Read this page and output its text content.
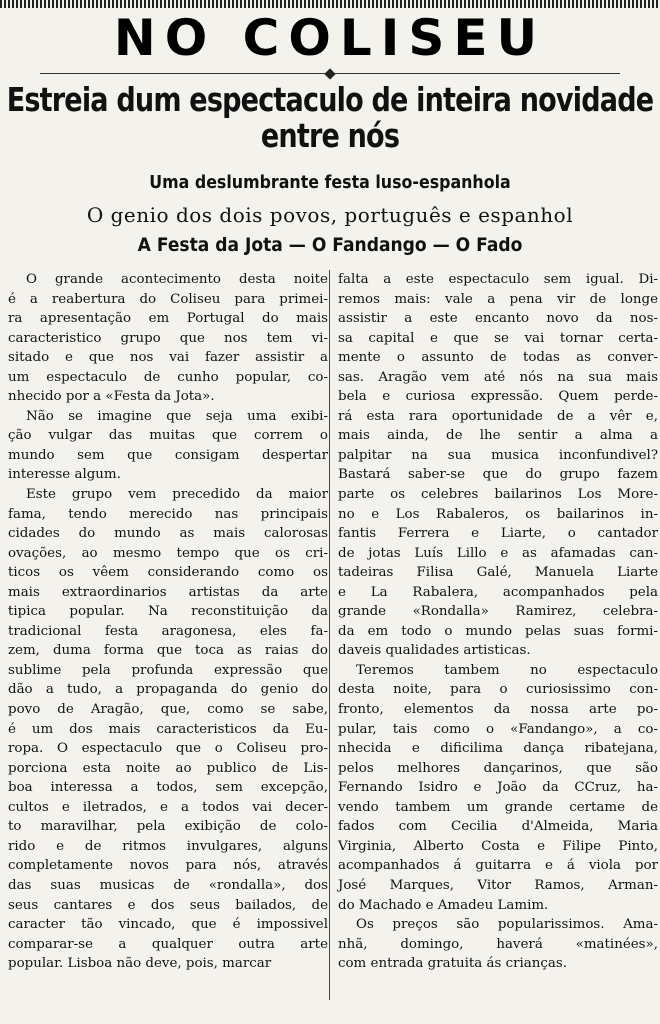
NO COLISEU
Estreia dum espectaculo de inteira novidade
entre nós
Uma deslumbrante festa luso-espanhola
O genio dos dois povos, português e espanhol
A Festa da Jota — O Fandango — O Fado
O grande acontecimento desta noite
é a reabertura do Coliseu para primei-
ra apresentação em Portugal do mais
caracteristico grupo que nos tem vi-
sitado e que nos vai fazer assistir a
um espectaculo de cunho popular, co-
nhecido por a «Festa da Jota».
Não se imagine que seja uma exibi-
ção vulgar das muitas que correm o
mundo sem que consigam despertar
interesse algum.
Este grupo vem precedido da maior
fama, tendo merecido nas principais
cidades do mundo as mais calorosas
ovações, ao mesmo tempo que os cri-
ticos os vêem considerando como os
mais extraordinarios artistas da arte
tipica popular. Na reconstituição da
tradicional festa aragonesa, eles fa-
zem, duma forma que toca as raias do
sublime pela profunda expressão que
dão a tudo, a propaganda do genio do
povo de Aragão, que, como se sabe,
é um dos mais caracteristicos da Eu-
ropa. O espectaculo que o Coliseu pro-
porciona esta noite ao publico de Lis-
boa interessa a todos, sem excepção,
cultos e iletrados, e a todos vai decer-
to maravilhar, pela exibição de colo-
rido e de ritmos invulgares, alguns
completamente novos para nós, através
das suas musicas de «rondalla», dos
seus cantares e dos seus bailados, de
caracter tão vincado, que é impossivel
comparar-se a qualquer outra arte
popular. Lisboa não deve, pois, marcar
falta a este espectaculo sem igual. Di-
remos mais: vale a pena vir de longe
assistir a este encanto novo da nos-
sa capital e que se vai tornar certa-
mente o assunto de todas as conver-
sas. Aragão vem até nós na sua mais
bela e curiosa expressão. Quem perde-
rá esta rara oportunidade de a vêr e,
mais ainda, de lhe sentir a alma a
palpitar na sua musica inconfundivel?
Bastará saber-se que do grupo fazem
parte os celebres bailarinos Los More-
no e Los Rabaleros, os bailarinos in-
fantis Ferrera e Liarte, o cantador
de jotas Luís Lillo e as afamadas can-
tadeiras Filisa Galé, Manuela Liarte
e La Rabalera, acompanhados pela
grande «Rondalla» Ramirez, celebra-
da em todo o mundo pelas suas formi-
daveis qualidades artisticas.
Teremos tambem no espectaculo
desta noite, para o curiosissimo con-
fronto, elementos da nossa arte po-
pular, tais como o «Fandango», a co-
nhecida e dificilima dança ribatejana,
pelos melhores dançarinos, que são
Fernando Isidro e João da CCruz, ha-
vendo tambem um grande certame de
fados com Cecilia d'Almeida, Maria
Virginia, Alberto Costa e Filipe Pinto,
acompanhados á guitarra e á viola por
José Marques, Vitor Ramos, Arman-
do Machado e Amadeu Lamim.
Os preços são popularissimos. Ama-
nhã, domingo, haverá «matinées»,
com entrada gratuita ás crianças.
